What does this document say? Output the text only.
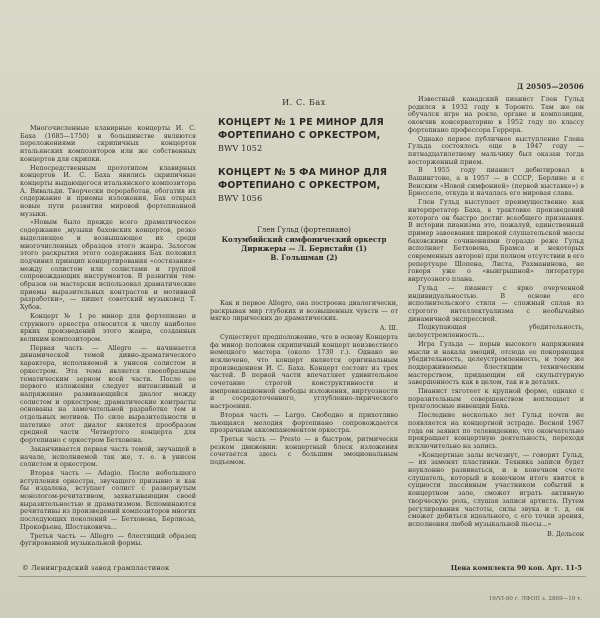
Д 20505—20506

Многочисленные клавирные концерты И. С. Баха (1685—1750) в большинстве являются переложениями скрипичных концертов итальянских композиторов или же собственных концертов для скрипки.

Непосредственным прототипом клавирных концертов И. С. Баха явились скрипичные концерты выдающегося итальянского композитора А. Вивальди. Творчески переработав, обогатив их содержание и приемы изложения, Бах открыл новые пути развития мировой фортепианной музыки.

«Новым было прежде всего драматическое содержание ,музыки баховских концертов, резко выделяющее и возвышающее их среди многочисленных образцов этого жанра. Залогом этого раскрытия этого содержания Бах положил подчинил принцип концертирования «состязания» между солистом или солистами и группой сопровождающих инструментов. В развитии тем-образов он мастерски использовал драматические приемы выразительных контрастов и мотивной разработки», — пишет советский музыковед Т. Хубов.

Концерт № 1 ре минор для фортепиано и струнного оркестра относится к числу наиболее ярких произведений этого жанра, созданных великим композитором.

Первая часть — Allegro — начинается динамической темой дивно-драматического характера, исполняемой в унисон солистом и оркестром. Эта тема является своеобразным тематическим зерном всей части. После ее первого изложения следует интенсивный и напряженно развивающийся диалог между солистом и оркестром; драматические контрасты основаны на замечательной разработке тем и отдельных мотивов. По силе выразительности и патетике этот диалог является прообразом средней части Четвертого концерта для фортепиано с оркестром Бетховена.

Заканчивается первая часть темой, звучащей в начале, исполняемой так же, т. е. в унисон солистом и оркестром.

Вторая часть — Adagio. После небольшого вступления оркестра, звучащего призывно и как бы издалека, вступает солист с развернутым монологом-речитативом, захватывающим своей выразительностью и драматизмом. Вспоминаются речитативы из произведений композиторов многих последующих поколений — Бетховена, Берлиоза, Прокофьева, Шостаковича...

Третья часть — Allegro — блестящий образец фугированной музыкальной формы.

И. С. Бах
КОНЦЕРТ № 1 РЕ МИНОР ДЛЯ ФОРТЕПИАНО С ОРКЕСТРОМ,
BWV 1052
КОНЦЕРТ № 5 ФА МИНОР ДЛЯ ФОРТЕПИАНО С ОРКЕСТРОМ,
BWV 1056
Глен Гульд (фортепиано)
Колумбийский симфонический оркестр
Дирижеры — Л. Бернстайн (1)
В. Гольшман (2)

Как и первое Allegro, она построена диалогически, раскрывая мир глубоких и возвышенных чувств — от мягко лирических до драматических.

А. Ш.

Существует предположение, что в основу Концерта фа минор положен скрипичный концерт неизвестного немецкого мастера (около 1730 г.). Однако не исключено, что концерт является оригинальным произведением И. С. Баха. Концерт состоит из трех частей. В первой части впечатляет удивительное сочетание строгой конструктивности и импровизационной свободы изложения, виртуозности и сосредоточенного, углубленно-лирического настроения.

Вторая часть — Largo. Свободно и прихотливо льющаяся мелодия фортепиано сопровождается прозрачным аккомпанементом оркестра.

Третья часть — Presto — в быстром, ритмически резком движении: концертный блеск изложения сочетается здесь с большим эмоциональным подъемом.

Известный канадский пианист Глен Гульд родился в 1932 году в Торонто. Там же он обучался игре на рояле, органе и композиции, окончив консерваторию в 1952 году по классу фортепиано профессора Геррера.

Однако первое публичное выступление Глена Гульда состоялось еще в 1947 году — пятнадцатилетнему мальчику был оказан тогда восторженный прием.

В 1955 году пианист дебютировал в Вашингтоне, а в 1957 — в СССР, Берлине и с Венским «Новой симфонией» (первой выставке») в Брюсселе, откуда и началась его мировая слава.

Глен Гульд выступает преимущественно как интерпретатор Баха, в трактовке произведений которого он быстро достиг всеобщего признания. В истории пианизма это, пожалуй, единственный пример завоевания широкой слушательской массы баховскими сочинениями (гораздо реже Гульд исполняет Бетховена, Брамса и некоторых современных авторов) при полном отсутствии в его репертуаре Шопена, Листа, Рахманинова, не говоря уже о «выигрышной» литературе виртуозного плана.

Гульд — пианист с ярко очерченной индивидуальностью. В основе его исполнительского стиля — сложный сплав из строгого интеллектуализма с необычайно динамичной экспрессией.

Подкупающая убедительность, целеустремленность...

Игра Гульда — порыв высокого напряжения мысли и накала эмоций, отсюда ее покоряющая убедительность, целеустремленность, и тому же поддерживаемые блестящим техническим мастерством, придающим ей скульптурную завершенность как в целом, так и в деталях.

Пианист тяготеет к крупной форме, однако с поразительным совершенством воплощает и трехголосные инвенции Баха.

Последние несколько лет Гульд почти не появляется на концертной эстраде. Весной 1967 года он заявил по телевидению, что окончательно прекращает концертную деятельность, переходя исключительно на запись.

«Концертные залы исчезнут, — говорит Гульд, — их заменят пластинки. Техника записи будет неуклонно развиваться, и в конечном счете слушатель, который в конечном итоге явится в сущности пассивным участником событий в концертном зале, сможет играть активную творческую роль, слушая записи артиста. Путем регулирования частоты, силы звука и т. д. он сможет добиться идеального, с его точки зрения, исполнения любой музыкальной пьесы...»

В. Дельсон

© Ленинградский завод грампластинок	Цена комплекта 90 коп. Арт. 11-5
19/VI-80 г. ЛФОП з. 2869—10 т.
